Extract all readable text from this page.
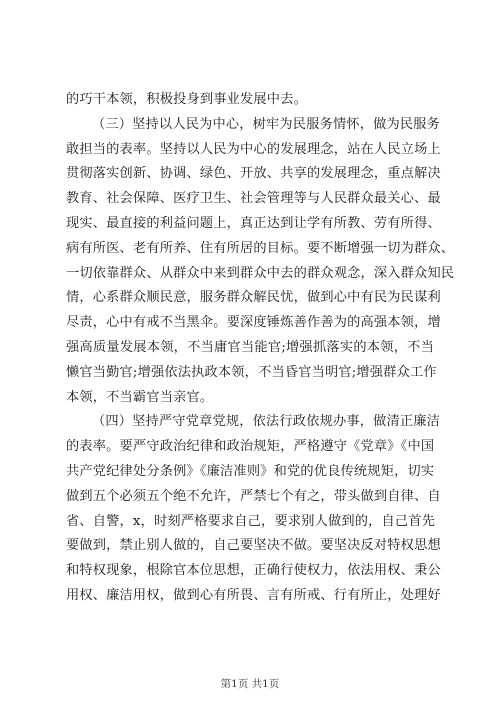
的巧干本领，积极投身到事业发展中去。
（三）坚持以人民为中心，树牢为民服务情怀，做为民服务
敢担当的表率。坚持以人民为中心的发展理念，站在人民立场上
贯彻落实创新、协调、绿色、开放、共享的发展理念，重点解决
教育、社会保障、医疗卫生、社会管理等与人民群众最关心、最
现实、最直接的利益问题上，真正达到让学有所教、劳有所得、
病有所医、老有所养、住有所居的目标。要不断增强一切为群众、
一切依靠群众、从群众中来到群众中去的群众观念，深入群众知民
情，心系群众顺民意，服务群众解民忧，做到心中有民为民谋利
尽责，心中有戒不当黑伞。要深度锤炼善作善为的高强本领，增
强高质量发展本领，不当庸官当能官;增强抓落实的本领，不当
懒官当勤官;增强依法执政本领，不当昏官当明官;增强群众工作
本领，不当霸官当亲官。
（四）坚持严守党章党规，依法行政依规办事，做清正廉洁
的表率。要严守政治纪律和政治规矩，严格遵守《党章》《中国
共产党纪律处分条例》《廉洁准则》和党的优良传统规矩，切实
做到五个必须五个绝不允许，严禁七个有之，带头做到自律、自
省、自警，x，时刻严格要求自己，要求别人做到的，自己首先
要做到，禁止别人做的，自己要坚决不做。要坚决反对特权思想
和特权现象，根除官本位思想，正确行使权力，依法用权、秉公
用权、廉洁用权，做到心有所畏、言有所戒、行有所止，处理好
第1页 共1页
